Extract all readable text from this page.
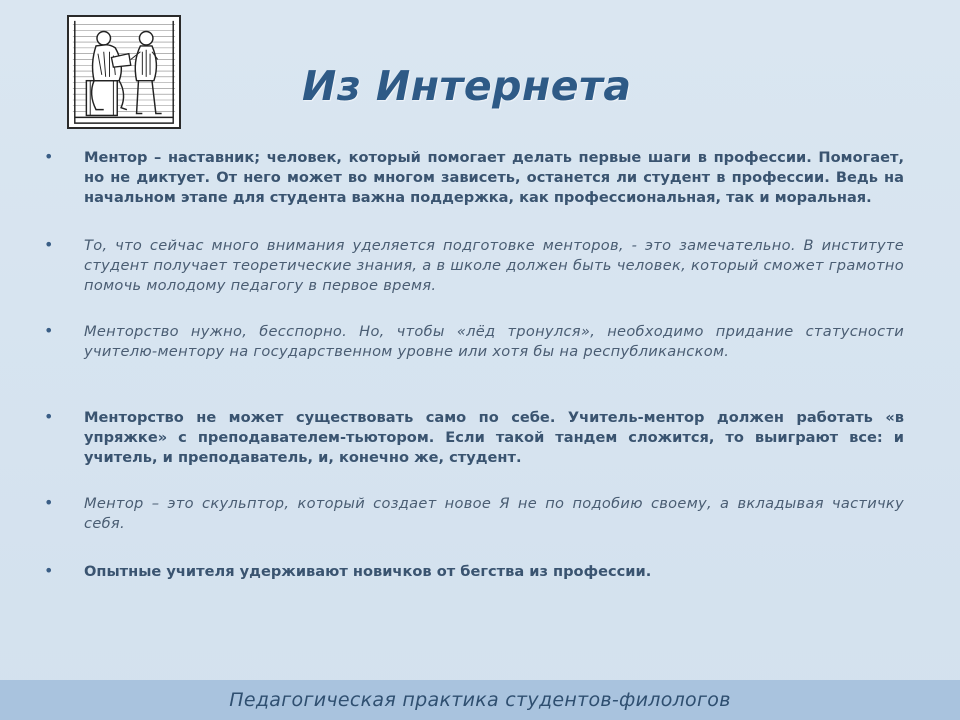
Из Интернета
• Ментор – наставник; человек, который помогает делать первые шаги в профессии. Помогает, но не диктует. От него может во многом зависеть, останется ли студент в профессии. Ведь на начальном этапе для студента важна поддержка, как профессиональная, так и моральная.

• То, что сейчас много внимания уделяется подготовке менторов, - это замечательно. В институте студент получает теоретические знания, а в школе должен быть человек, который сможет грамотно помочь молодому педагогу в первое время.

• Менторство нужно, бесспорно. Но, чтобы «лёд тронулся», необходимо придание статусности учителю-ментору на государственном уровне или хотя бы на республиканском.

• Менторство не может существовать само по себе. Учитель-ментор должен работать «в упряжке» с преподавателем-тьютором. Если такой тандем сложится, то выиграют все: и учитель, и преподаватель, и, конечно же, студент.

• Ментор – это скульптор, который создает новое Я не по подобию своему, а вкладывая частичку себя.

• Опытные учителя удерживают новичков от бегства из профессии.

Педагогическая практика студентов-филологов
